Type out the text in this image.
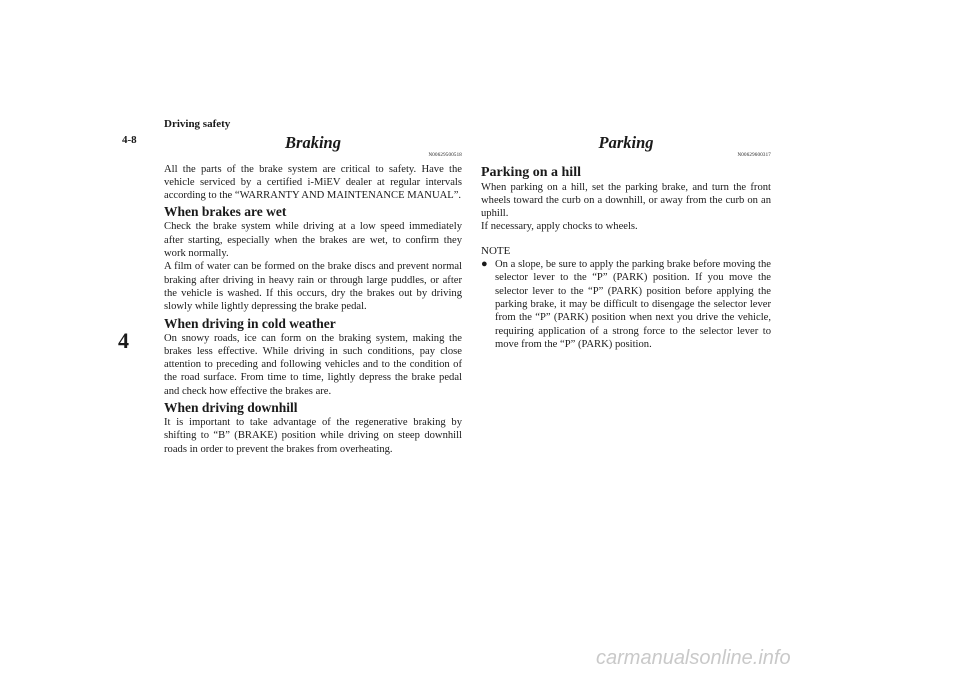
Driving safety
4-8
4
Braking
N00629500518

All the parts of the brake system are critical to safety. Have the vehicle serviced by a certified i-MiEV dealer at regular intervals according to the “WARRANTY AND MAINTENANCE MANUAL”.

When brakes are wet

Check the brake system while driving at a low speed immediately after starting, especially when the brakes are wet, to confirm they work normally.

A film of water can be formed on the brake discs and prevent normal braking after driving in heavy rain or through large puddles, or after the vehicle is washed. If this occurs, dry the brakes out by driving slowly while lightly depressing the brake pedal.

When driving in cold weather

On snowy roads, ice can form on the braking system, making the brakes less effective. While driving in such conditions, pay close attention to preceding and following vehicles and to the condition of the road surface. From time to time, lightly depress the brake pedal and check how effective the brakes are.

When driving downhill

It is important to take advantage of the regenerative braking by shifting to “B” (BRAKE) position while driving on steep downhill roads in order to prevent the brakes from overheating.

Parking
N00629600317
Parking on a hill

When parking on a hill, set the parking brake, and turn the front wheels toward the curb on a downhill, or away from the curb on an uphill.

If necessary, apply chocks to wheels.

NOTE
● On a slope, be sure to apply the parking brake before moving the selector lever to the “P” (PARK) position. If you move the selector lever to the “P” (PARK) position before applying the parking brake, it may be difficult to disengage the selector lever from the “P” (PARK) position when next you drive the vehicle, requiring application of a strong force to the selector lever to move from the “P” (PARK) position.

carmanualsonline.info
